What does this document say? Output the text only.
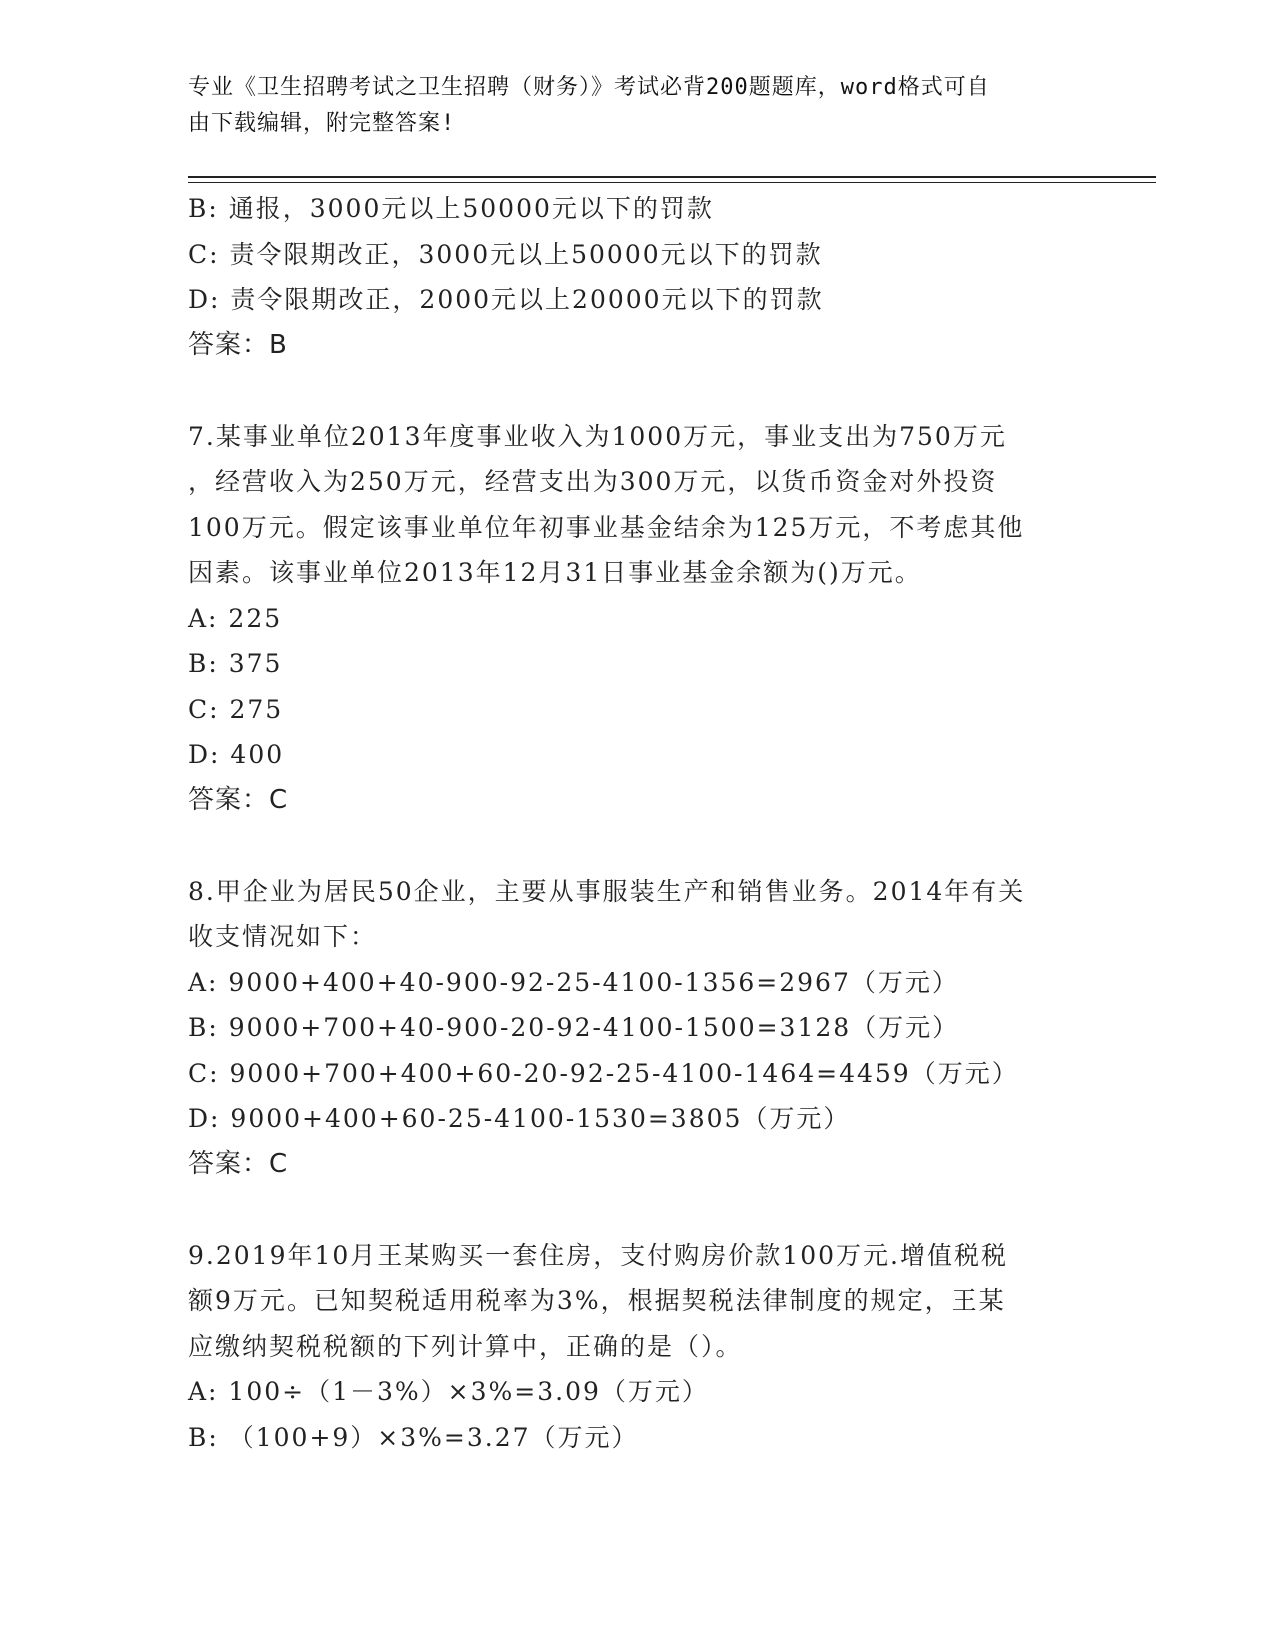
专业《卫生招聘考试之卫生招聘（财务）》考试必背200题题库，word格式可自
由下载编辑，附完整答案!
B: 通报，3000元以上50000元以下的罚款
C: 责令限期改正，3000元以上50000元以下的罚款
D: 责令限期改正，2000元以上20000元以下的罚款
答案：B
7.某事业单位2013年度事业收入为1000万元，事业支出为750万元
，经营收入为250万元，经营支出为300万元，以货币资金对外投资
100万元。假定该事业单位年初事业基金结余为125万元，不考虑其他
因素。该事业单位2013年12月31日事业基金余额为()万元。
A: 225
B: 375
C: 275
D: 400
答案：C
8.甲企业为居民50企业，主要从事服装生产和销售业务。2014年有关
收支情况如下：
A: 9000+400+40-900-92-25-4100-1356=2967（万元）
B: 9000+700+40-900-20-92-4100-1500=3128（万元）
C: 9000+700+400+60-20-92-25-4100-1464=4459（万元）
D: 9000+400+60-25-4100-1530=3805（万元）
答案：C
9.2019年10月王某购买一套住房，支付购房价款100万元.增值税税
额9万元。已知契税适用税率为3%，根据契税法律制度的规定，王某
应缴纳契税税额的下列计算中，正确的是（）。
A: 100÷（1－3%）×3%=3.09（万元）
B: （100+9）×3%=3.27（万元）
